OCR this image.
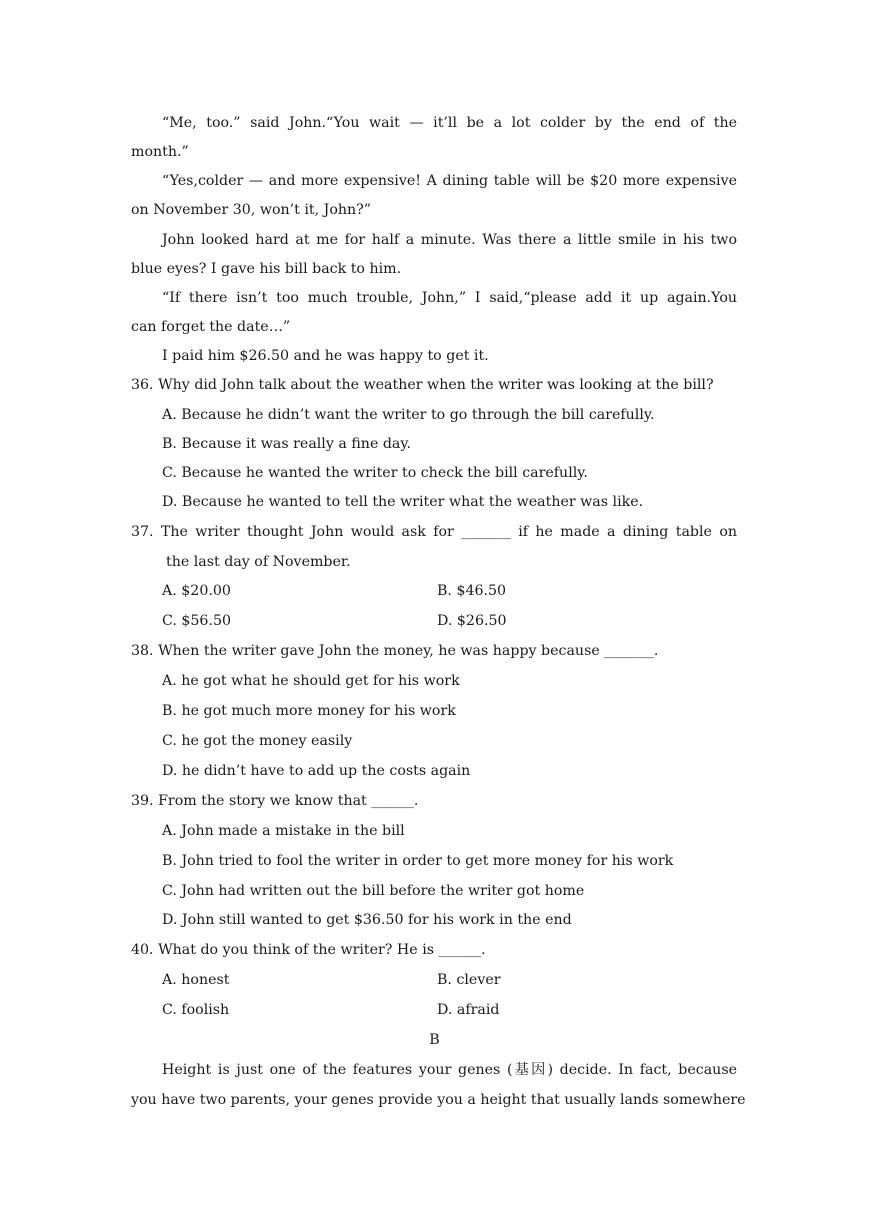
“Me, too.” said John.“You wait — it’ll be a lot colder by the end of the
month.”
“Yes,colder — and more expensive! A dining table will be $20 more expensive
on November 30, won’t it, John?”
John looked hard at me for half a minute. Was there a little smile in his two
blue eyes? I gave his bill back to him.
“If there isn’t too much trouble, John,” I said,“please add it up again.You
can forget the date…”
I paid him $26.50 and he was happy to get it.
36. Why did John talk about the weather when the writer was looking at the bill?
A. Because he didn’t want the writer to go through the bill carefully.
B. Because it was really a fine day.
C. Because he wanted the writer to check the bill carefully.
D. Because he wanted to tell the writer what the weather was like.
37. The writer thought John would ask for _______ if he made a dining table on
the last day of November.
A. $20.00	B. $46.50
C. $56.50	D. $26.50
38. When the writer gave John the money, he was happy because _______.
A. he got what he should get for his work
B. he got much more money for his work
C. he got the money easily
D. he didn’t have to add up the costs again
39. From the story we know that ______.
A. John made a mistake in the bill
B. John tried to fool the writer in order to get more money for his work
C. John had written out the bill before the writer got home
D. John still wanted to get $36.50 for his work in the end
40. What do you think of the writer? He is ______.
A. honest	B. clever
C. foolish	D. afraid
B
Height is just one of the features your genes (基因) decide. In fact, because
you have two parents, your genes provide you a height that usually lands somewhere
